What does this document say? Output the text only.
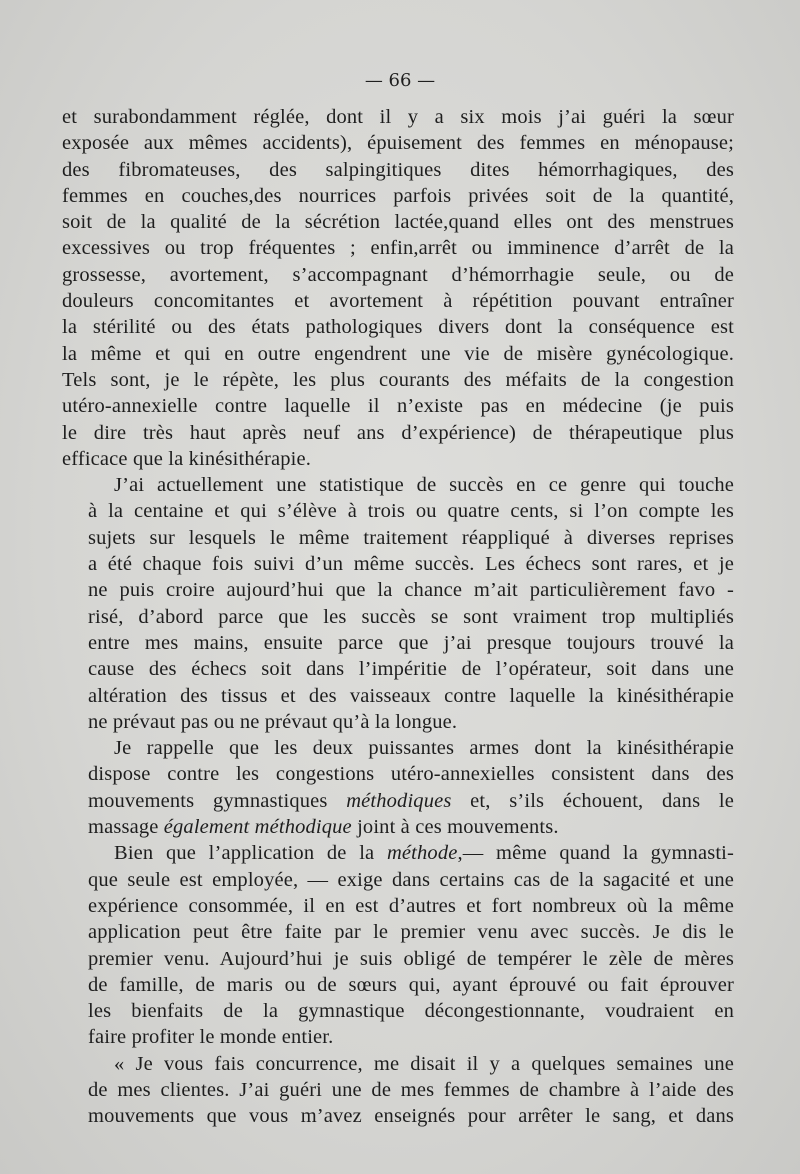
— 66 —
et surabondamment réglée, dont il y a six mois j’ai guéri la sœur
exposée aux mêmes accidents), épuisement des femmes en ménopause;
des fibromateuses, des salpingitiques dites hémorrhagiques, des
femmes en couches,des nourrices parfois privées soit de la quantité,
soit de la qualité de la sécrétion lactée,quand elles ont des menstrues
excessives ou trop fréquentes ; enfin,arrêt ou imminence d’arrêt de la
grossesse, avortement, s’accompagnant d’hémorrhagie seule, ou de
douleurs concomitantes et avortement à répétition pouvant entraîner
la stérilité ou des états pathologiques divers dont la conséquence est
la même et qui en outre engendrent une vie de misère gynécologique.
Tels sont, je le répète, les plus courants des méfaits de la congestion
utéro-annexielle contre laquelle il n’existe pas en médecine (je puis
le dire très haut après neuf ans d’expérience) de thérapeutique plus
efficace que la kinésithérapie.
J’ai actuellement une statistique de succès en ce genre qui touche
à la centaine et qui s’élève à trois ou quatre cents, si l’on compte les
sujets sur lesquels le même traitement réappliqué à diverses reprises
a été chaque fois suivi d’un même succès. Les échecs sont rares, et je
ne puis croire aujourd’hui que la chance m’ait particulièrement favo -
risé, d’abord parce que les succès se sont vraiment trop multipliés
entre mes mains, ensuite parce que j’ai presque toujours trouvé la
cause des échecs soit dans l’impéritie de l’opérateur, soit dans une
altération des tissus et des vaisseaux contre laquelle la kinésithérapie
ne prévaut pas ou ne prévaut qu’à la longue.
Je rappelle que les deux puissantes armes dont la kinésithérapie
dispose contre les congestions utéro-annexielles consistent dans des
mouvements gymnastiques méthodiques et, s’ils échouent, dans le
massage également méthodique joint à ces mouvements.
Bien que l’application de la méthode,— même quand la gymnasti-
que seule est employée, — exige dans certains cas de la sagacité et une
expérience consommée, il en est d’autres et fort nombreux où la même
application peut être faite par le premier venu avec succès. Je dis le
premier venu. Aujourd’hui je suis obligé de tempérer le zèle de mères
de famille, de maris ou de sœurs qui, ayant éprouvé ou fait éprouver
les bienfaits de la gymnastique décongestionnante, voudraient en
faire profiter le monde entier.
« Je vous fais concurrence, me disait il y a quelques semaines une
de mes clientes. J’ai guéri une de mes femmes de chambre à l’aide des
mouvements que vous m’avez enseignés pour arrêter le sang, et dans
